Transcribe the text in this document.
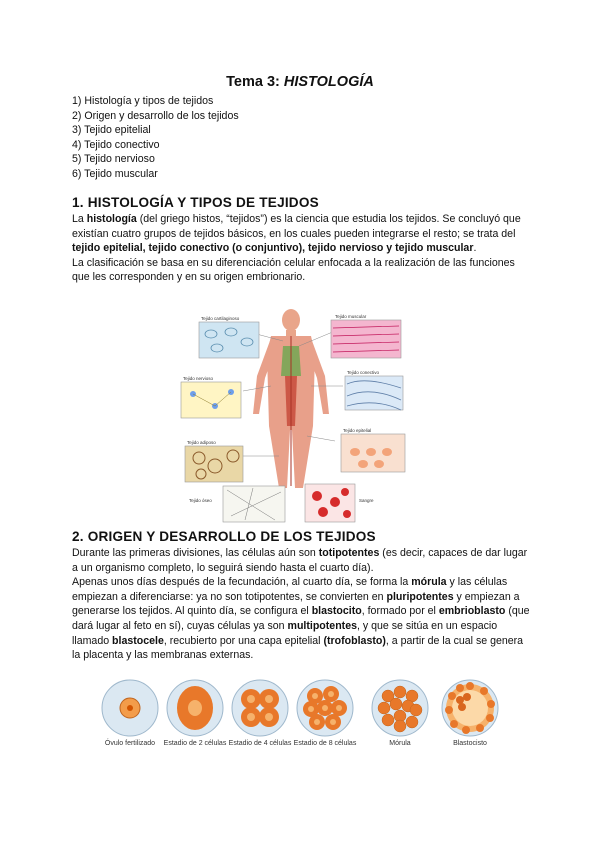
Tema 3: HISTOLOGÍA
1) Histología y tipos de tejidos
2) Origen y desarrollo de los tejidos
3) Tejido epitelial
4) Tejido conectivo
5) Tejido nervioso
6) Tejido muscular
1. HISTOLOGÍA Y TIPOS DE TEJIDOS

La histología (del griego histos, “tejidos”) es la ciencia que estudia los tejidos. Se concluyó que existían cuatro grupos de tejidos básicos, en los cuales pueden integrarse el resto; se trata del tejido epitelial, tejido conectivo (o conjuntivo), tejido nervioso y tejido muscular.

La clasificación se basa en su diferenciación celular enfocada a la realización de las funciones que les corresponden y en su origen embrionario.

Tejido cartilaginoso	Tejido muscular
Tejido nervioso
Tejido conectivo
Tejido adiposo
Tejido epitelial
Tejido óseo	Sangre
2. ORIGEN Y DESARROLLO DE LOS TEJIDOS

Durante las primeras divisiones, las células aún son totipotentes (es decir, capaces de dar lugar a un organismo completo, lo seguirá siendo hasta el cuarto día).

Apenas unos días después de la fecundación, al cuarto día, se forma la mórula y las células empiezan a diferenciarse: ya no son totipotentes, se convierten en pluripotentes y empiezan a generarse los tejidos. Al quinto día, se configura el blastocito, formado por el embrioblasto (que dará lugar al feto en sí), cuyas células ya son multipotentes, y que se sitúa en un espacio llamado blastocele, recubierto por una capa epitelial (trofoblasto), a partir de la cual se genera la placenta y las membranas externas.

Óvulo fertilizado	Estadio de 2 células Estadio de 4 células Estadio de 8 células	Mórula	Blastocisto
